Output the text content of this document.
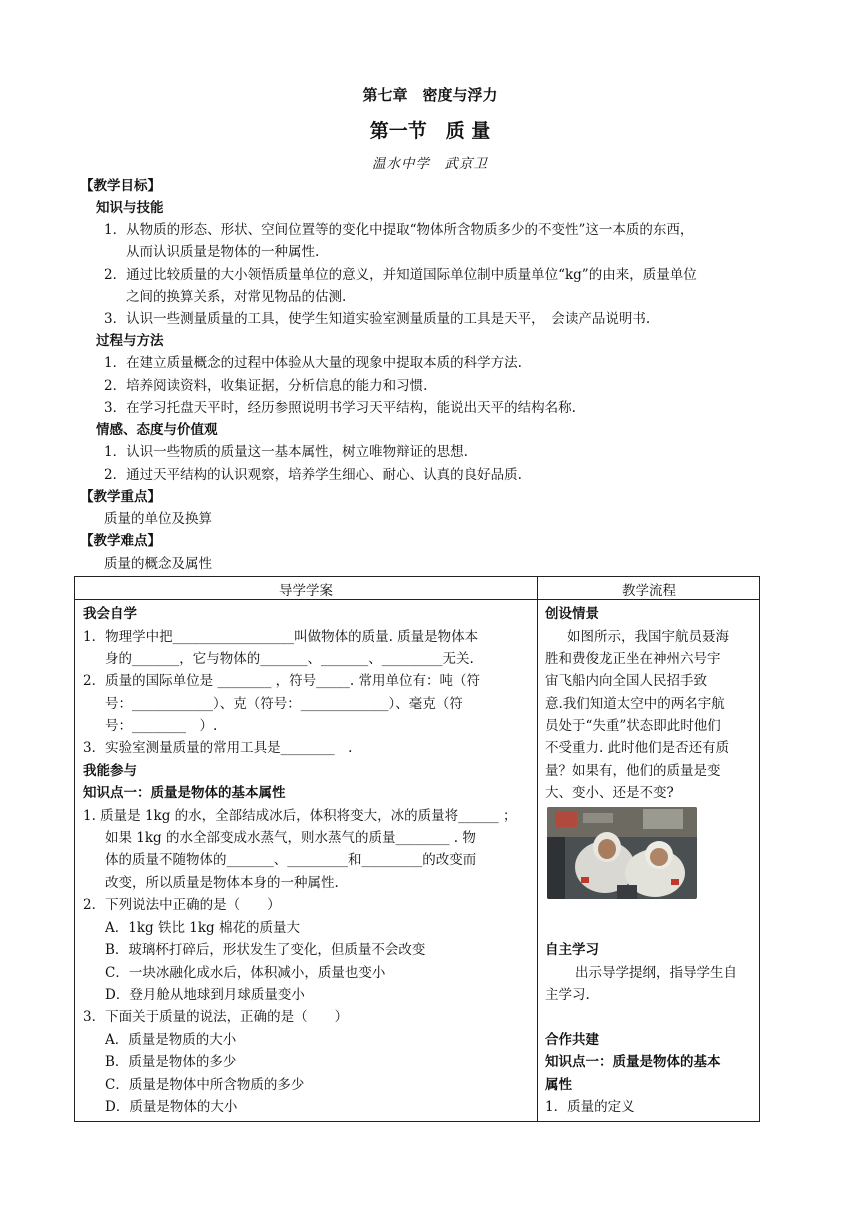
第七章　密度与浮力
第一节　质 量
温水中学　武京卫
【教学目标】
知识与技能
1．从物质的形态、形状、空间位置等的变化中提取“物体所含物质多少的不变性”这一本质的东西，
从而认识质量是物体的一种属性.
2．通过比较质量的大小领悟质量单位的意义，并知道国际单位制中质量单位“kg”的由来，质量单位
之间的换算关系，对常见物品的估测.
3．认识一些测量质量的工具，使学生知道实验室测量质量的工具是天平，　会读产品说明书.
过程与方法
1．在建立质量概念的过程中体验从大量的现象中提取本质的科学方法.
2．培养阅读资料，收集证据，分析信息的能力和习惯.
3．在学习托盘天平时，经历参照说明书学习天平结构，能说出天平的结构名称.
情感、态度与价值观
1．认识一些物质的质量这一基本属性，树立唯物辩证的思想.
2．通过天平结构的认识观察，培养学生细心、耐心、认真的良好品质.
【教学重点】
质量的单位及换算
【教学难点】
质量的概念及属性
导学学案	教学流程
我会自学
1．物理学中把__________________叫做物体的质量. 质量是物体本
身的_______，它与物体的_______、_______、_________无关.
2．质量的国际单位是 ________ ，符号_____. 常用单位有：吨（符
号：____________）、克（符号：_____________）、毫克（符
号：________　）.
3．实验室测量质量的常用工具是________　.
我能参与
知识点一：质量是物体的基本属性
1. 质量是 1kg 的水，全部结成冰后，体积将变大，冰的质量将______ ；
如果 1kg 的水全部变成水蒸气，则水蒸气的质量________ . 物
体的质量不随物体的_______、_________和_________的改变而
改变，所以质量是物体本身的一种属性.
2．下列说法中正确的是（　　）
A．1kg 铁比 1kg 棉花的质量大
B．玻璃杯打碎后，形状发生了变化，但质量不会改变
C．一块冰融化成水后，体积减小，质量也变小
D．登月舱从地球到月球质量变小
3．下面关于质量的说法，正确的是（　　）
A．质量是物质的大小
B．质量是物体的多少
C．质量是物体中所含物质的多少
D．质量是物体的大小
创设情景
如图所示，我国宇航员聂海
胜和费俊龙正坐在神州六号宇
宙飞船内向全国人民招手致
意.我们知道太空中的两名宇航
员处于“失重”状态即此时他们
不受重力. 此时他们是否还有质
量？如果有，他们的质量是变
大、变小、还是不变?
自主学习
出示导学提纲，指导学生自
主学习.
合作共建
知识点一：质量是物体的基本
属性
1．质量的定义
